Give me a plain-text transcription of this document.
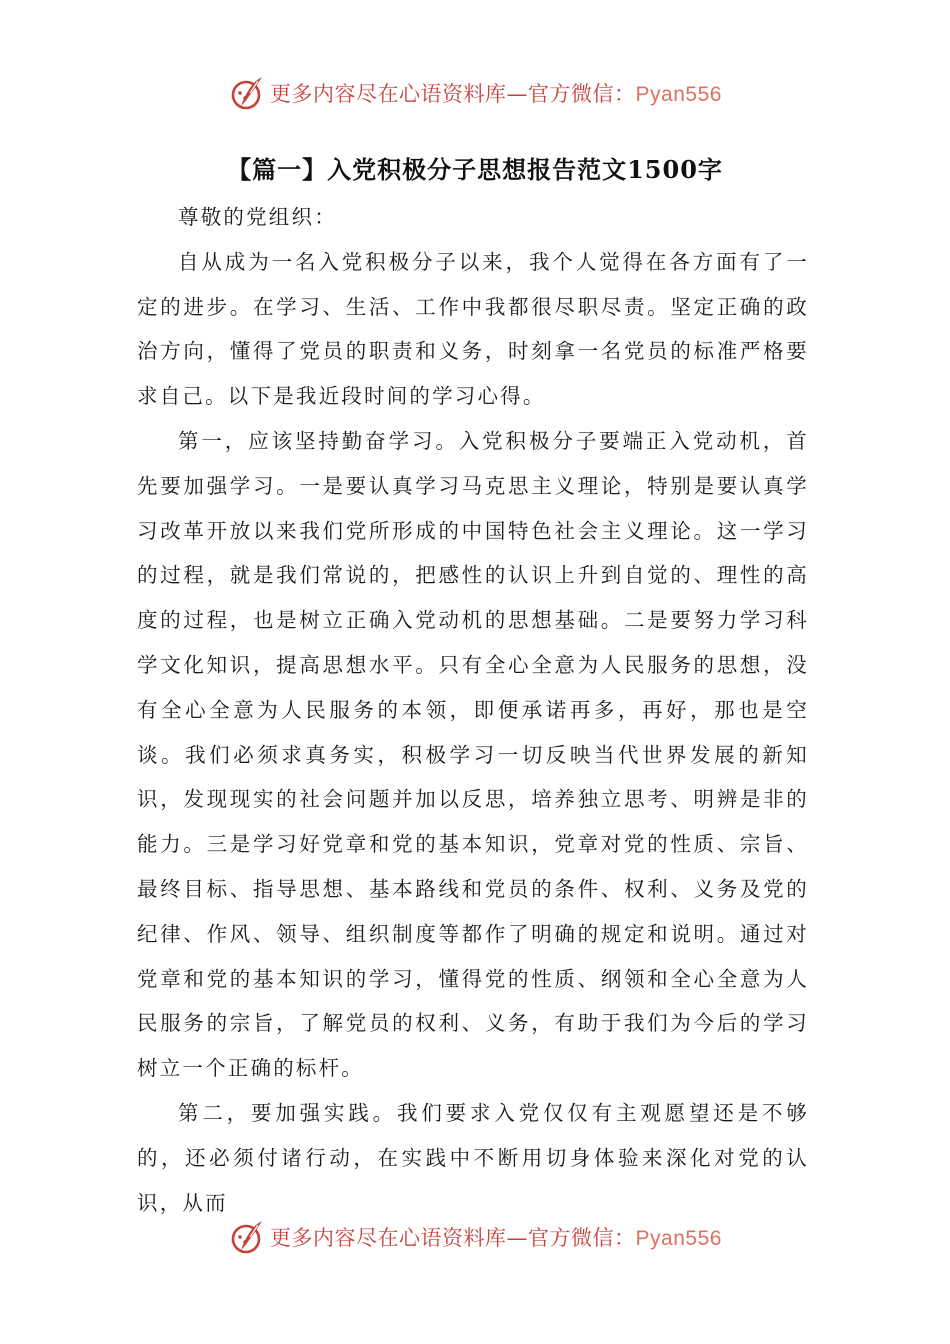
更多内容尽在心语资料库—官方微信：Pyan556
【篇一】入党积极分子思想报告范文1500字

尊敬的党组织：

自从成为一名入党积极分子以来，我个人觉得在各方面有了一定的进步。在学习、生活、工作中我都很尽职尽责。坚定正确的政治方向，懂得了党员的职责和义务，时刻拿一名党员的标准严格要求自己。以下是我近段时间的学习心得。

第一，应该坚持勤奋学习。入党积极分子要端正入党动机，首先要加强学习。一是要认真学习马克思主义理论，特别是要认真学习改革开放以来我们党所形成的中国特色社会主义理论。这一学习的过程，就是我们常说的，把感性的认识上升到自觉的、理性的高度的过程，也是树立正确入党动机的思想基础。二是要努力学习科学文化知识，提高思想水平。只有全心全意为人民服务的思想，没有全心全意为人民服务的本领，即便承诺再多，再好，那也是空谈。我们必须求真务实，积极学习一切反映当代世界发展的新知识，发现现实的社会问题并加以反思，培养独立思考、明辨是非的能力。三是学习好党章和党的基本知识，党章对党的性质、宗旨、最终目标、指导思想、基本路线和党员的条件、权利、义务及党的纪律、作风、领导、组织制度等都作了明确的规定和说明。通过对党章和党的基本知识的学习，懂得党的性质、纲领和全心全意为人民服务的宗旨，了解党员的权利、义务，有助于我们为今后的学习树立一个正确的标杆。

第二，要加强实践。我们要求入党仅仅有主观愿望还是不够的，还必须付诸行动，在实践中不断用切身体验来深化对党的认识，从而

更多内容尽在心语资料库—官方微信：Pyan556
